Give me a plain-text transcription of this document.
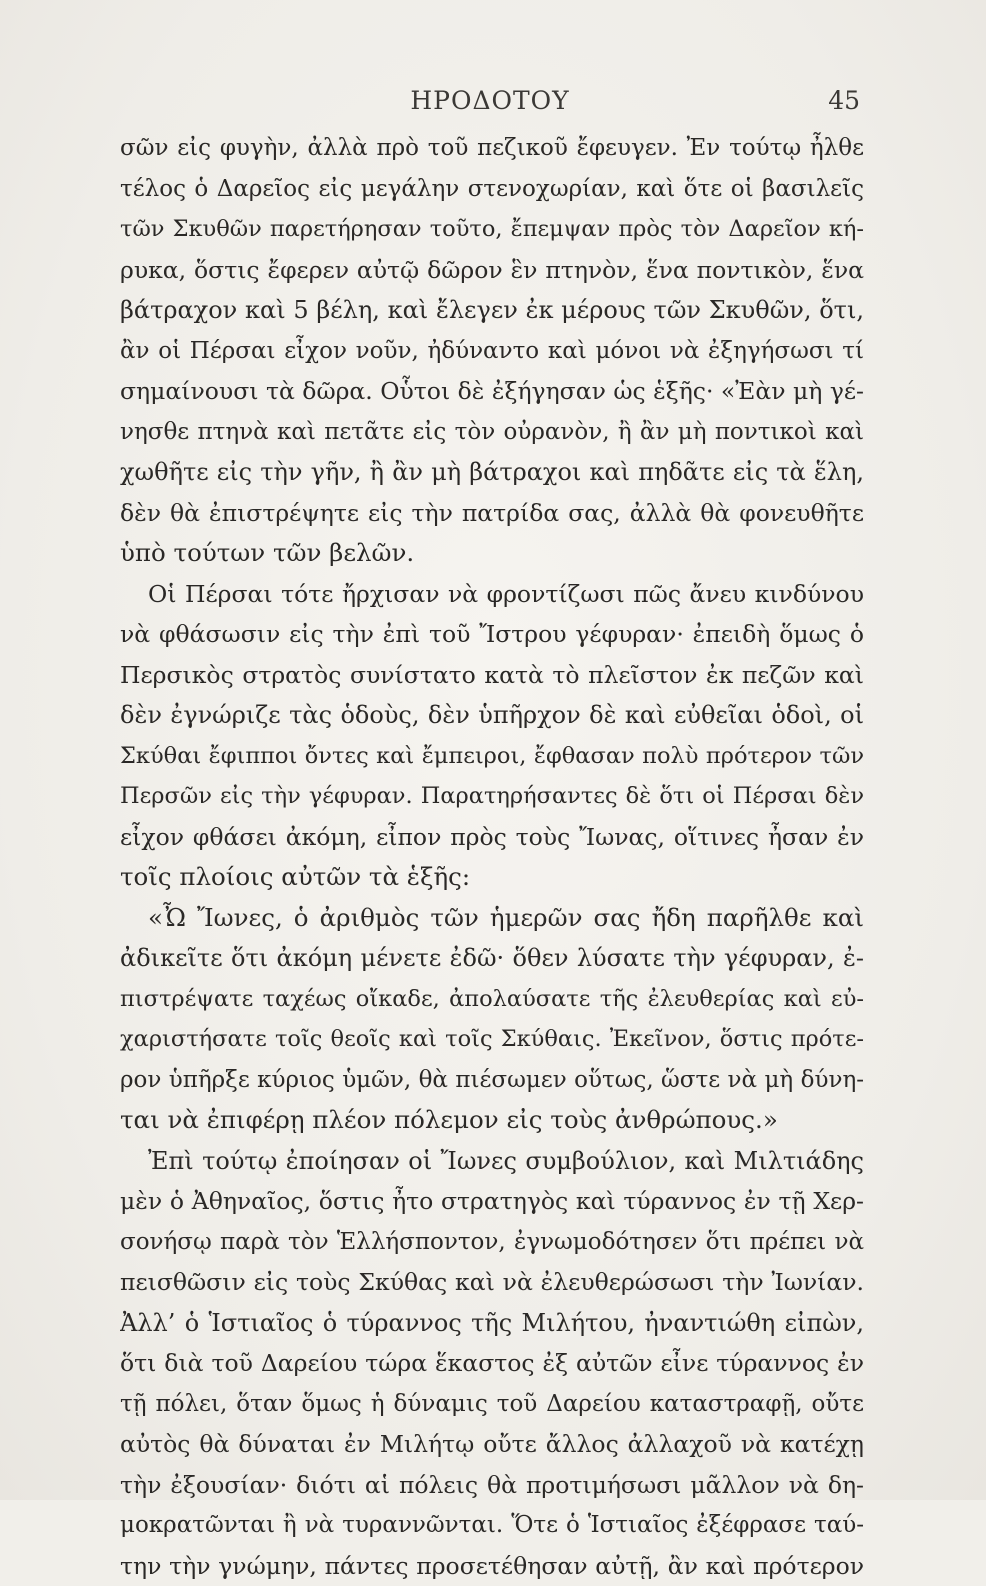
ΗΡΟΔΟΤΟΥ	45
σῶν εἰς φυγὴν, ἀλλὰ πρὸ τοῦ πεζικοῦ ἔφευγεν. Ἐν τούτῳ ἦλθε
τέλος ὁ Δαρεῖος εἰς μεγάλην στενοχωρίαν, καὶ ὅτε οἱ βασιλεῖς
τῶν Σκυθῶν παρετήρησαν τοῦτο, ἔπεμψαν πρὸς τὸν Δαρεῖον κή-
ρυκα, ὅστις ἔφερεν αὐτῷ δῶρον ἓν πτηνὸν, ἕνα ποντικὸν, ἕνα
βάτραχον καὶ 5 βέλη, καὶ ἔλεγεν ἐκ μέρους τῶν Σκυθῶν, ὅτι,
ἂν οἱ Πέρσαι εἶχον νοῦν, ἠδύναντο καὶ μόνοι νὰ ἐξηγήσωσι τί
σημαίνουσι τὰ δῶρα. Οὗτοι δὲ ἐξήγησαν ὡς ἑξῆς· «Ἐὰν μὴ γέ-
νησθε πτηνὰ καὶ πετᾶτε εἰς τὸν οὐρανὸν, ἢ ἂν μὴ ποντικοὶ καὶ
χωθῆτε εἰς τὴν γῆν, ἢ ἂν μὴ βάτραχοι καὶ πηδᾶτε εἰς τὰ ἕλη,
δὲν θὰ ἐπιστρέψητε εἰς τὴν πατρίδα σας, ἀλλὰ θὰ φονευθῆτε
ὑπὸ τούτων τῶν βελῶν.
Οἱ Πέρσαι τότε ἤρχισαν νὰ φροντίζωσι πῶς ἄνευ κινδύνου
νὰ φθάσωσιν εἰς τὴν ἐπὶ τοῦ Ἴστρου γέφυραν· ἐπειδὴ ὅμως ὁ
Περσικὸς στρατὸς συνίστατο κατὰ τὸ πλεῖστον ἐκ πεζῶν καὶ
δὲν ἐγνώριζε τὰς ὁδοὺς, δὲν ὑπῆρχον δὲ καὶ εὐθεῖαι ὁδοὶ, οἱ
Σκύθαι ἔφιπποι ὄντες καὶ ἔμπειροι, ἔφθασαν πολὺ πρότερον τῶν
Περσῶν εἰς τὴν γέφυραν. Παρατηρήσαντες δὲ ὅτι οἱ Πέρσαι δὲν
εἶχον φθάσει ἀκόμη, εἶπον πρὸς τοὺς Ἴωνας, οἵτινες ἦσαν ἐν
τοῖς πλοίοις αὐτῶν τὰ ἑξῆς:
«Ὦ Ἴωνες, ὁ ἀριθμὸς τῶν ἡμερῶν σας ἤδη παρῆλθε καὶ
ἀδικεῖτε ὅτι ἀκόμη μένετε ἐδῶ· ὅθεν λύσατε τὴν γέφυραν, ἐ-
πιστρέψατε ταχέως οἴκαδε, ἀπολαύσατε τῆς ἐλευθερίας καὶ εὐ-
χαριστήσατε τοῖς θεοῖς καὶ τοῖς Σκύθαις. Ἐκεῖνον, ὅστις πρότε-
ρον ὑπῆρξε κύριος ὑμῶν, θὰ πιέσωμεν οὕτως, ὥστε νὰ μὴ δύνη-
ται νὰ ἐπιφέρῃ πλέον πόλεμον εἰς τοὺς ἀνθρώπους.»
Ἐπὶ τούτῳ ἐποίησαν οἱ Ἴωνες συμβούλιον, καὶ Μιλτιάδης
μὲν ὁ Ἀθηναῖος, ὅστις ἦτο στρατηγὸς καὶ τύραννος ἐν τῇ Χερ-
σονήσῳ παρὰ τὸν Ἑλλήσποντον, ἐγνωμοδότησεν ὅτι πρέπει νὰ
πεισθῶσιν εἰς τοὺς Σκύθας καὶ νὰ ἐλευθερώσωσι τὴν Ἰωνίαν.
Ἀλλ’ ὁ Ἱστιαῖος ὁ τύραννος τῆς Μιλήτου, ἠναντιώθη εἰπὼν,
ὅτι διὰ τοῦ Δαρείου τώρα ἕκαστος ἐξ αὐτῶν εἶνε τύραννος ἐν
τῇ πόλει, ὅταν ὅμως ἡ δύναμις τοῦ Δαρείου καταστραφῇ, οὔτε
αὐτὸς θὰ δύναται ἐν Μιλήτῳ οὔτε ἄλλος ἀλλαχοῦ νὰ κατέχῃ
τὴν ἐξουσίαν· διότι αἱ πόλεις θὰ προτιμήσωσι μᾶλλον νὰ δη-
μοκρατῶνται ἢ νὰ τυραννῶνται. Ὅτε ὁ Ἱστιαῖος ἐξέφρασε ταύ-
την τὴν γνώμην, πάντες προσετέθησαν αὐτῇ, ἂν καὶ πρότερον
